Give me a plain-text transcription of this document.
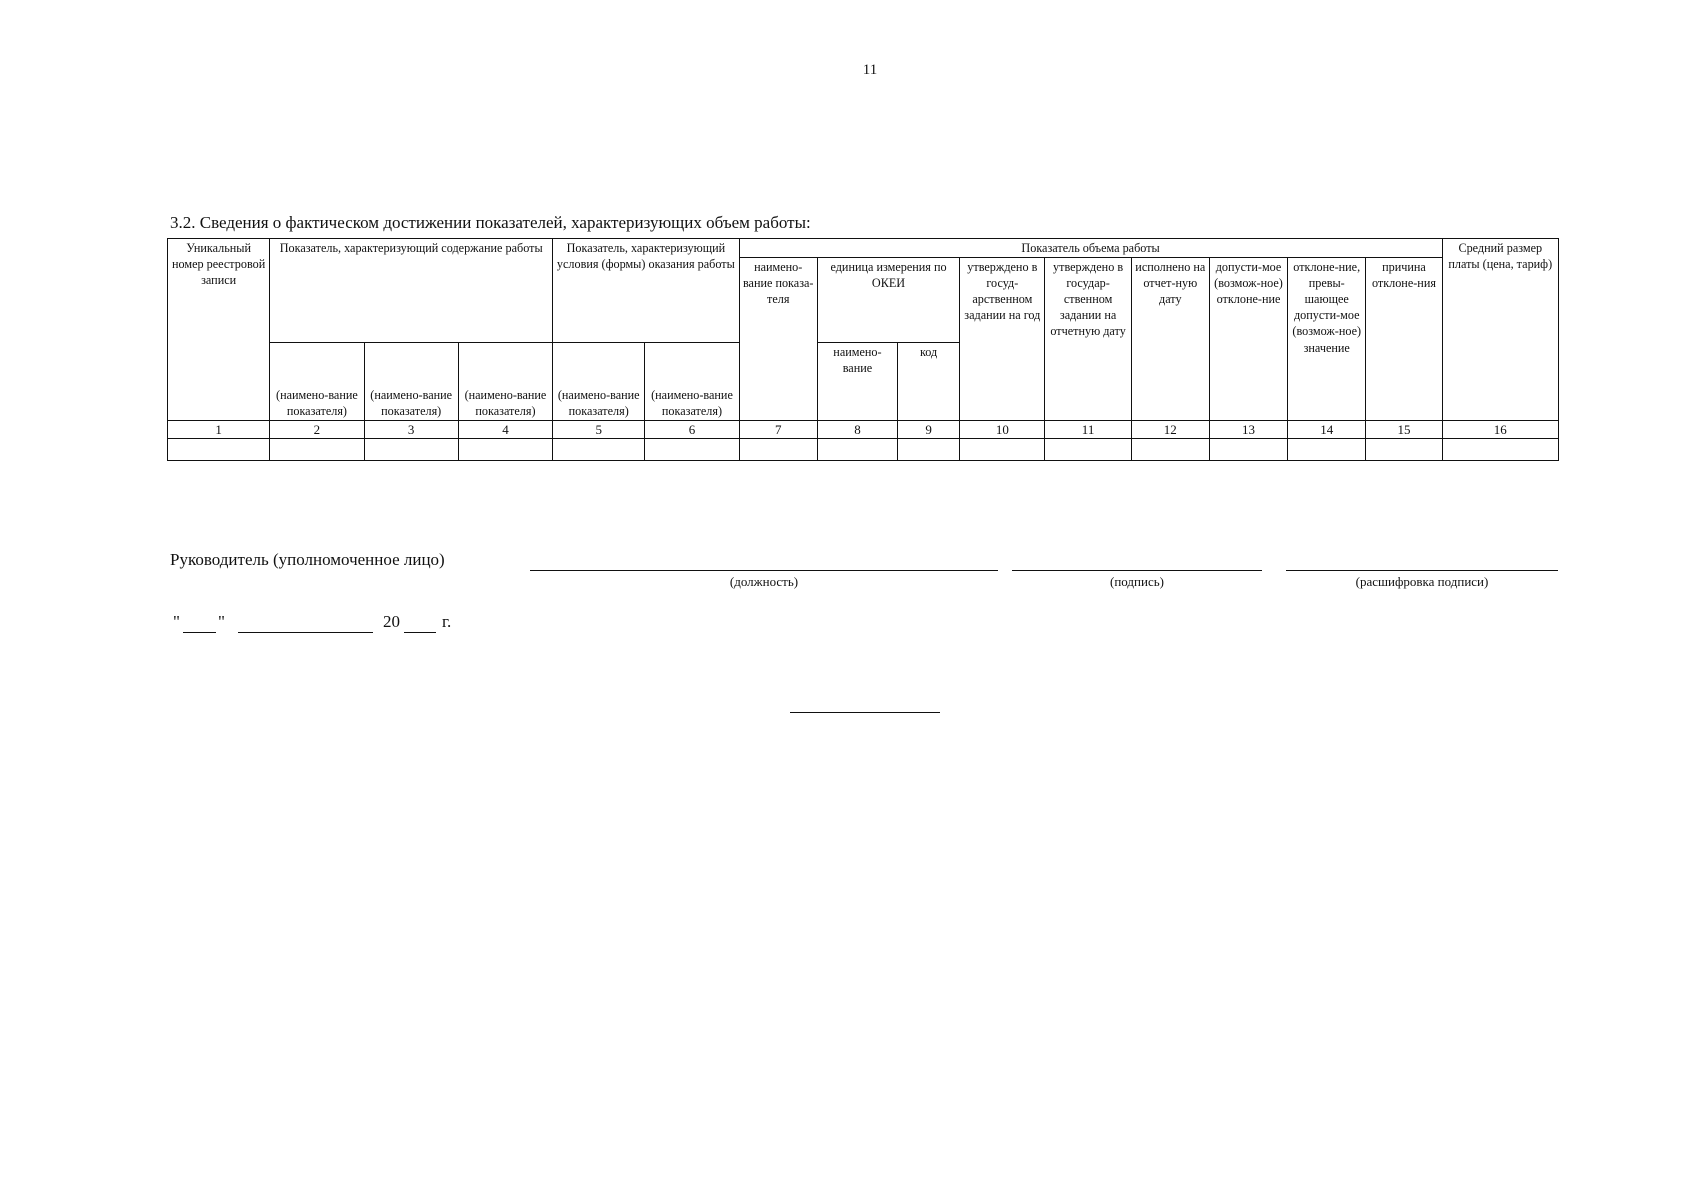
11
3.2. Сведения о фактическом достижении показателей, характеризующих объем работы:
Уникальный номер реестровой записи	Показатель, характеризующий содержание работы			Показатель, характеризующий условия (формы) оказания работы		Показатель объема работы									Средний размер платы (цена, тариф)
						наимено-вание показа-теля	единица измерения по ОКЕИ		утверждено в госуд-арственном задании на год	утверждено в государ-ственном задании на отчетную дату	исполнено на отчет-ную дату	допусти-мое (возмож-ное) отклоне-ние	отклоне-ние, превы-шающее допусти-мое (возмож-ное) значение	причина отклоне-ния	
	(наимено-вание показателя)	(наимено-вание показателя)	(наимено-вание показателя)	(наимено-вание показателя)	(наимено-вание показателя)		наимено-вание	код							
1	2	3	4	5	6	7	8	9	10	11	12	13	14	15	16

Руководитель (уполномоченное лицо)
(должность)	(подпись)	(расшифровка подписи)
" "	20 г.
